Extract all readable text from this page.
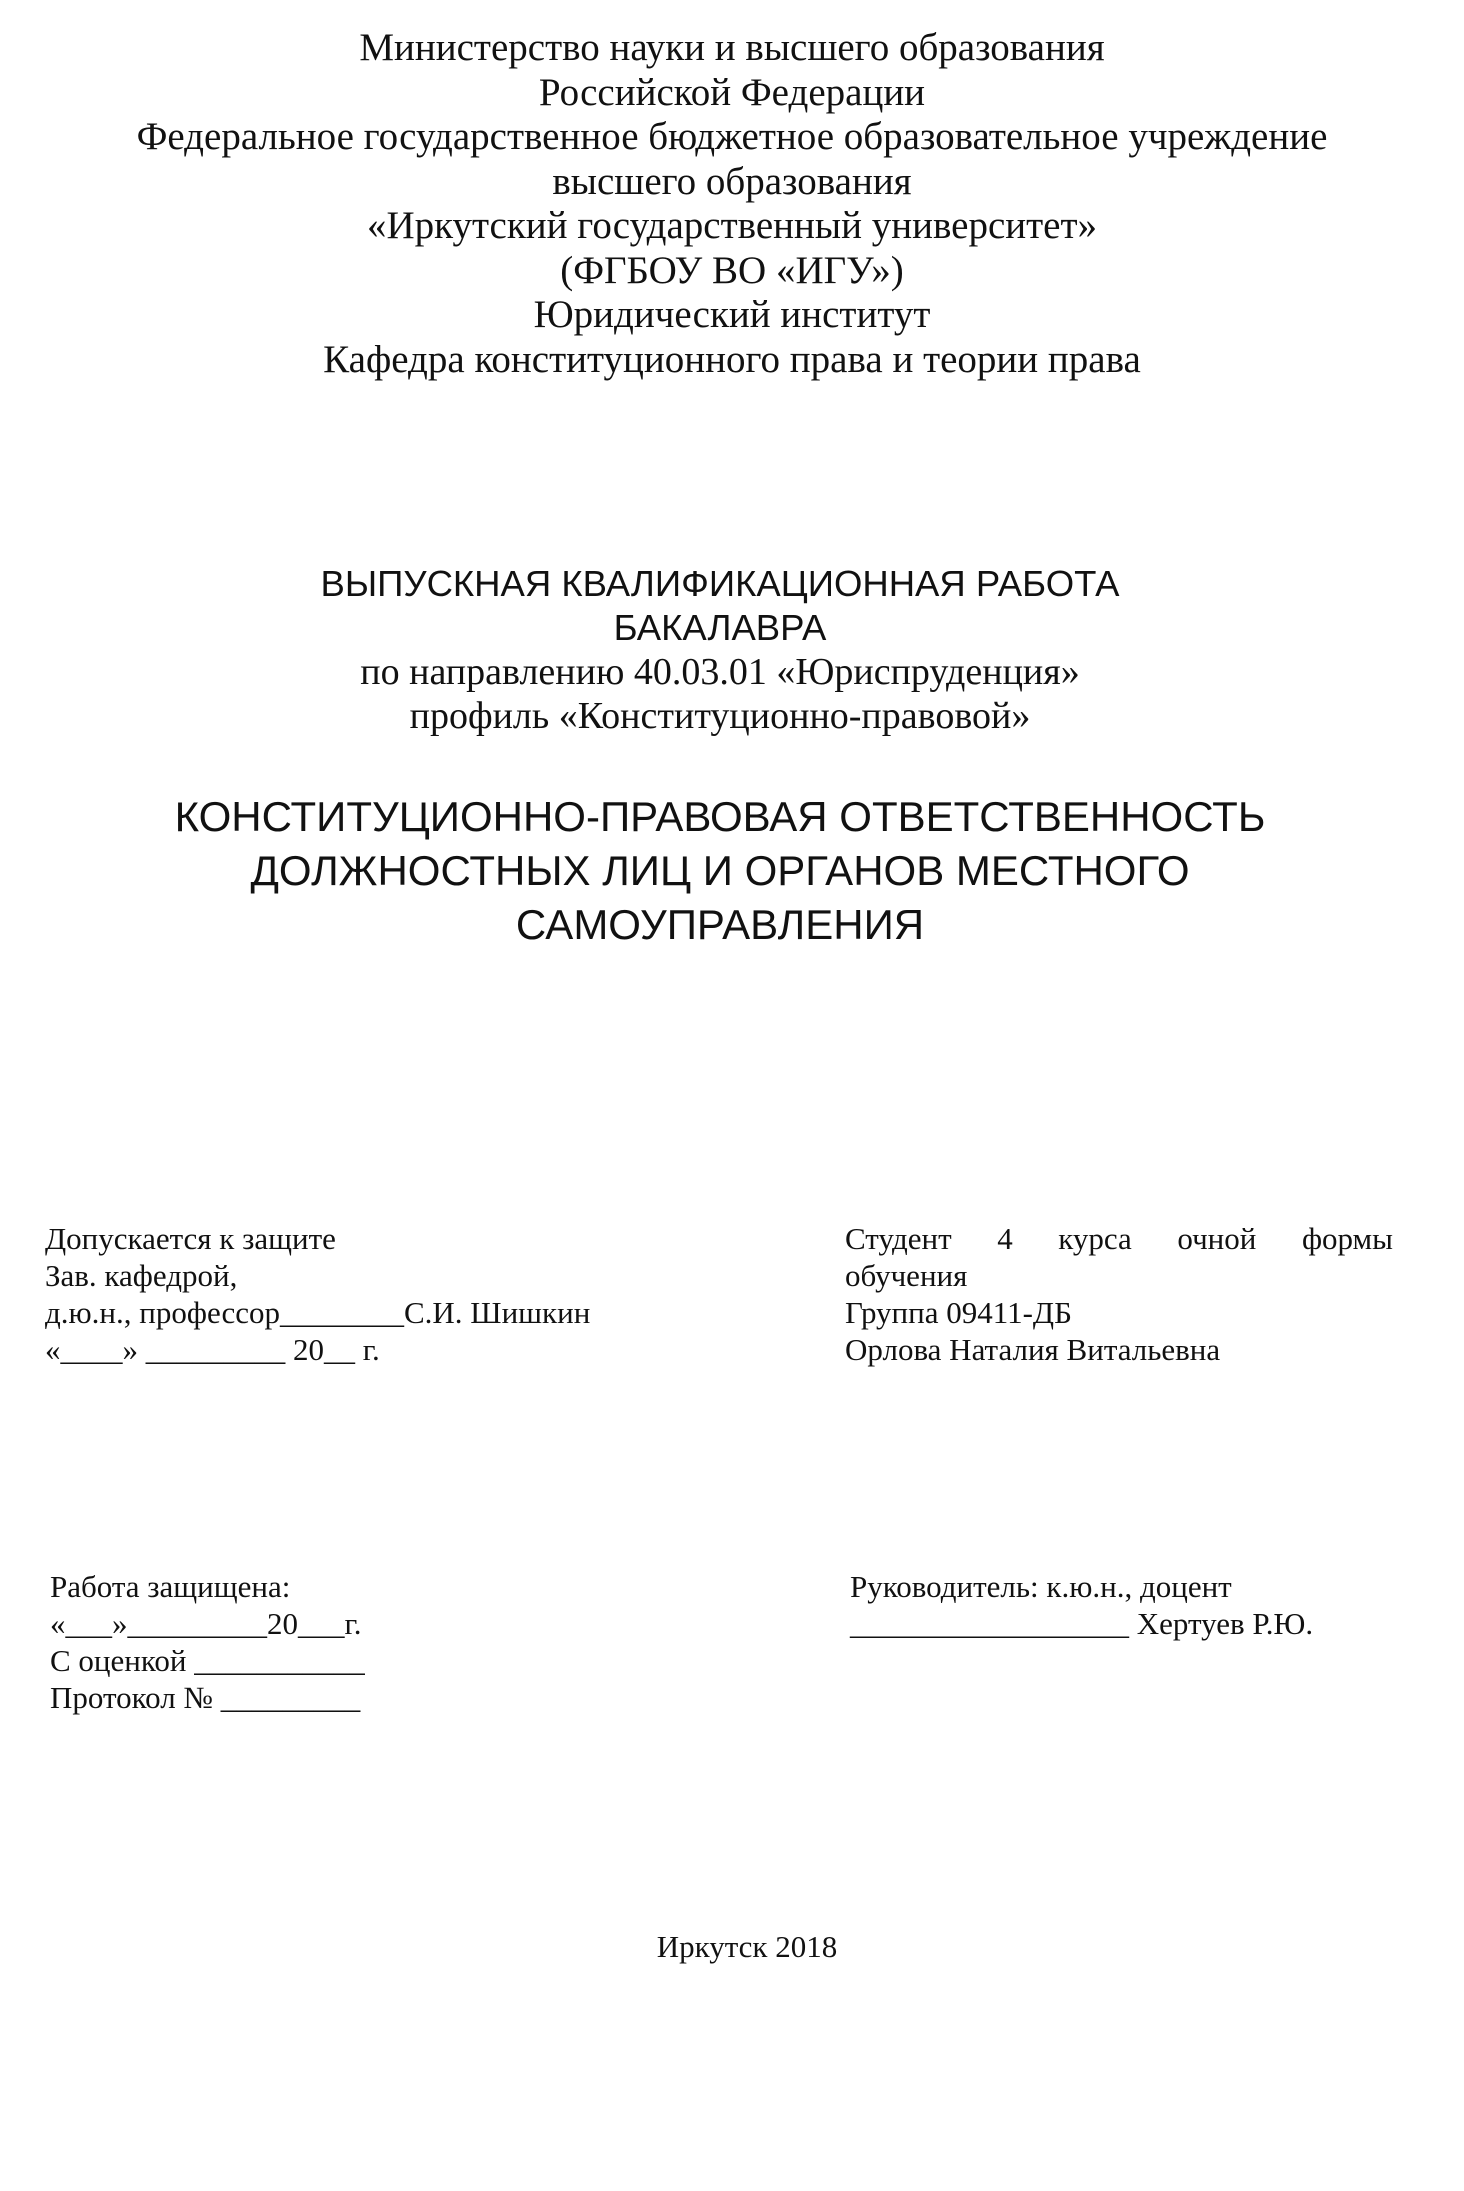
Министерство науки и высшего образования
Российской Федерации
Федеральное государственное бюджетное образовательное учреждение
высшего образования
«Иркутский государственный университет»
(ФГБОУ ВО «ИГУ»)
Юридический институт
Кафедра конституционного права и теории права
ВЫПУСКНАЯ КВАЛИФИКАЦИОННАЯ РАБОТА
БАКАЛАВРА
по направлению 40.03.01 «Юриспруденция»
профиль «Конституционно-правовой»
КОНСТИТУЦИОННО-ПРАВОВАЯ ОТВЕТСТВЕННОСТЬ
ДОЛЖНОСТНЫХ ЛИЦ И ОРГАНОВ МЕСТНОГО
САМОУПРАВЛЕНИЯ
Допускается к защите
Зав. кафедрой,
д.ю.н., профессор________С.И. Шишкин
«____» _________ 20__ г.
Студент 4 курса очной формы
обучения
Группа 09411-ДБ
Орлова Наталия Витальевна
Работа защищена:
«___»_________20___г.
С оценкой ___________
Протокол № _________
Руководитель: к.ю.н., доцент
__________________ Хертуев Р.Ю.
Иркутск 2018
